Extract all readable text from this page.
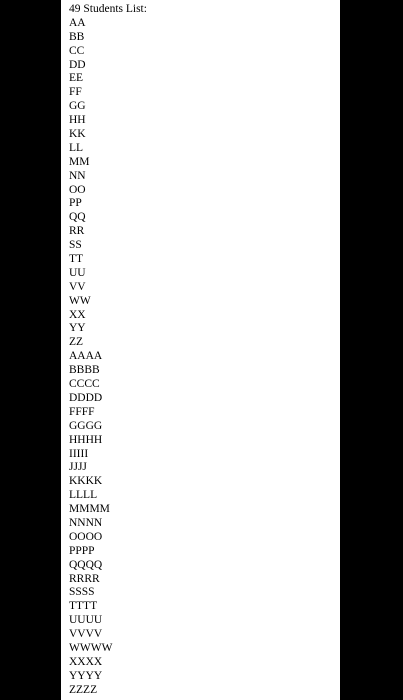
49 Students List:
AA
BB
CC
DD
EE
FF
GG
HH
KK
LL
MM
NN
OO
PP
QQ
RR
SS
TT
UU
VV
WW
XX
YY
ZZ
AAAA
BBBB
CCCC
DDDD
FFFF
GGGG
HHHH
IIIII
JJJJ
KKKK
LLLL
MMMM
NNNN
OOOO
PPPP
QQQQ
RRRR
SSSS
TTTT
UUUU
VVVV
WWWW
XXXX
YYYY
ZZZZ
